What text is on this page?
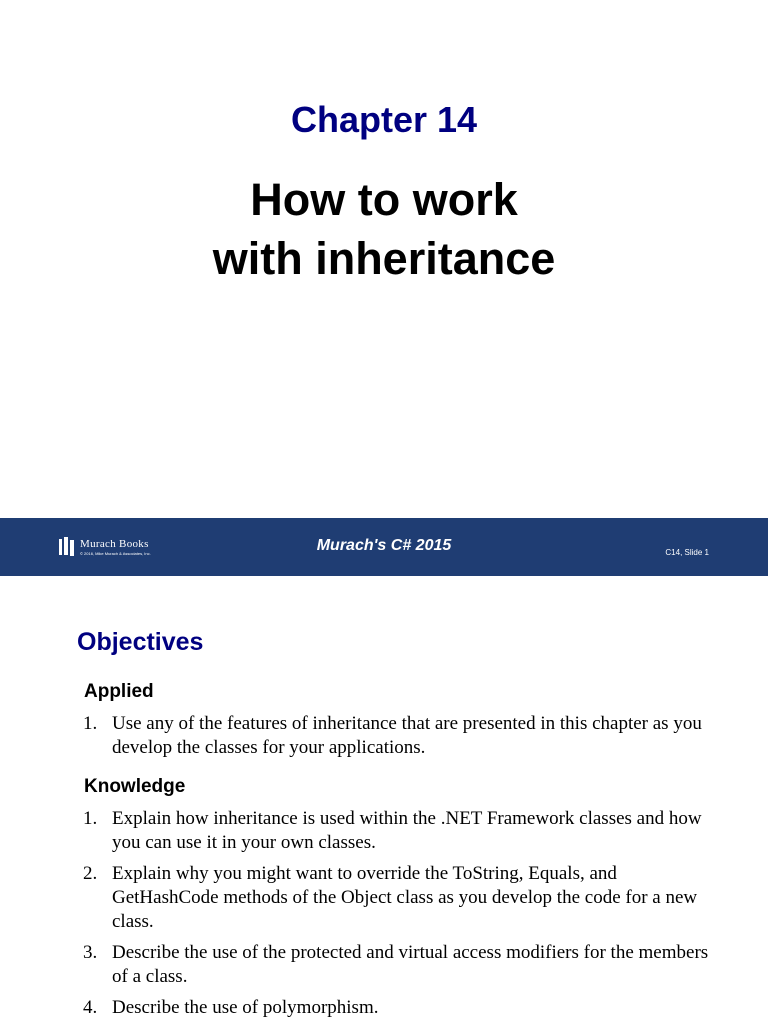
Chapter 14
How to work
with inheritance
Murach Books
© 2016, Mike Murach & Associates, Inc.	Murach's C# 2015	C14, Slide 1
Objectives
Applied
1. Use any of the features of inheritance that are presented in this chapter as you develop the classes for your applications.
Knowledge
1. Explain how inheritance is used within the .NET Framework classes and how you can use it in your own classes.
2. Explain why you might want to override the ToString, Equals, and GetHashCode methods of the Object class as you develop the code for a new class.
3. Describe the use of the protected and virtual access modifiers for the members of a class.
4. Describe the use of polymorphism.
